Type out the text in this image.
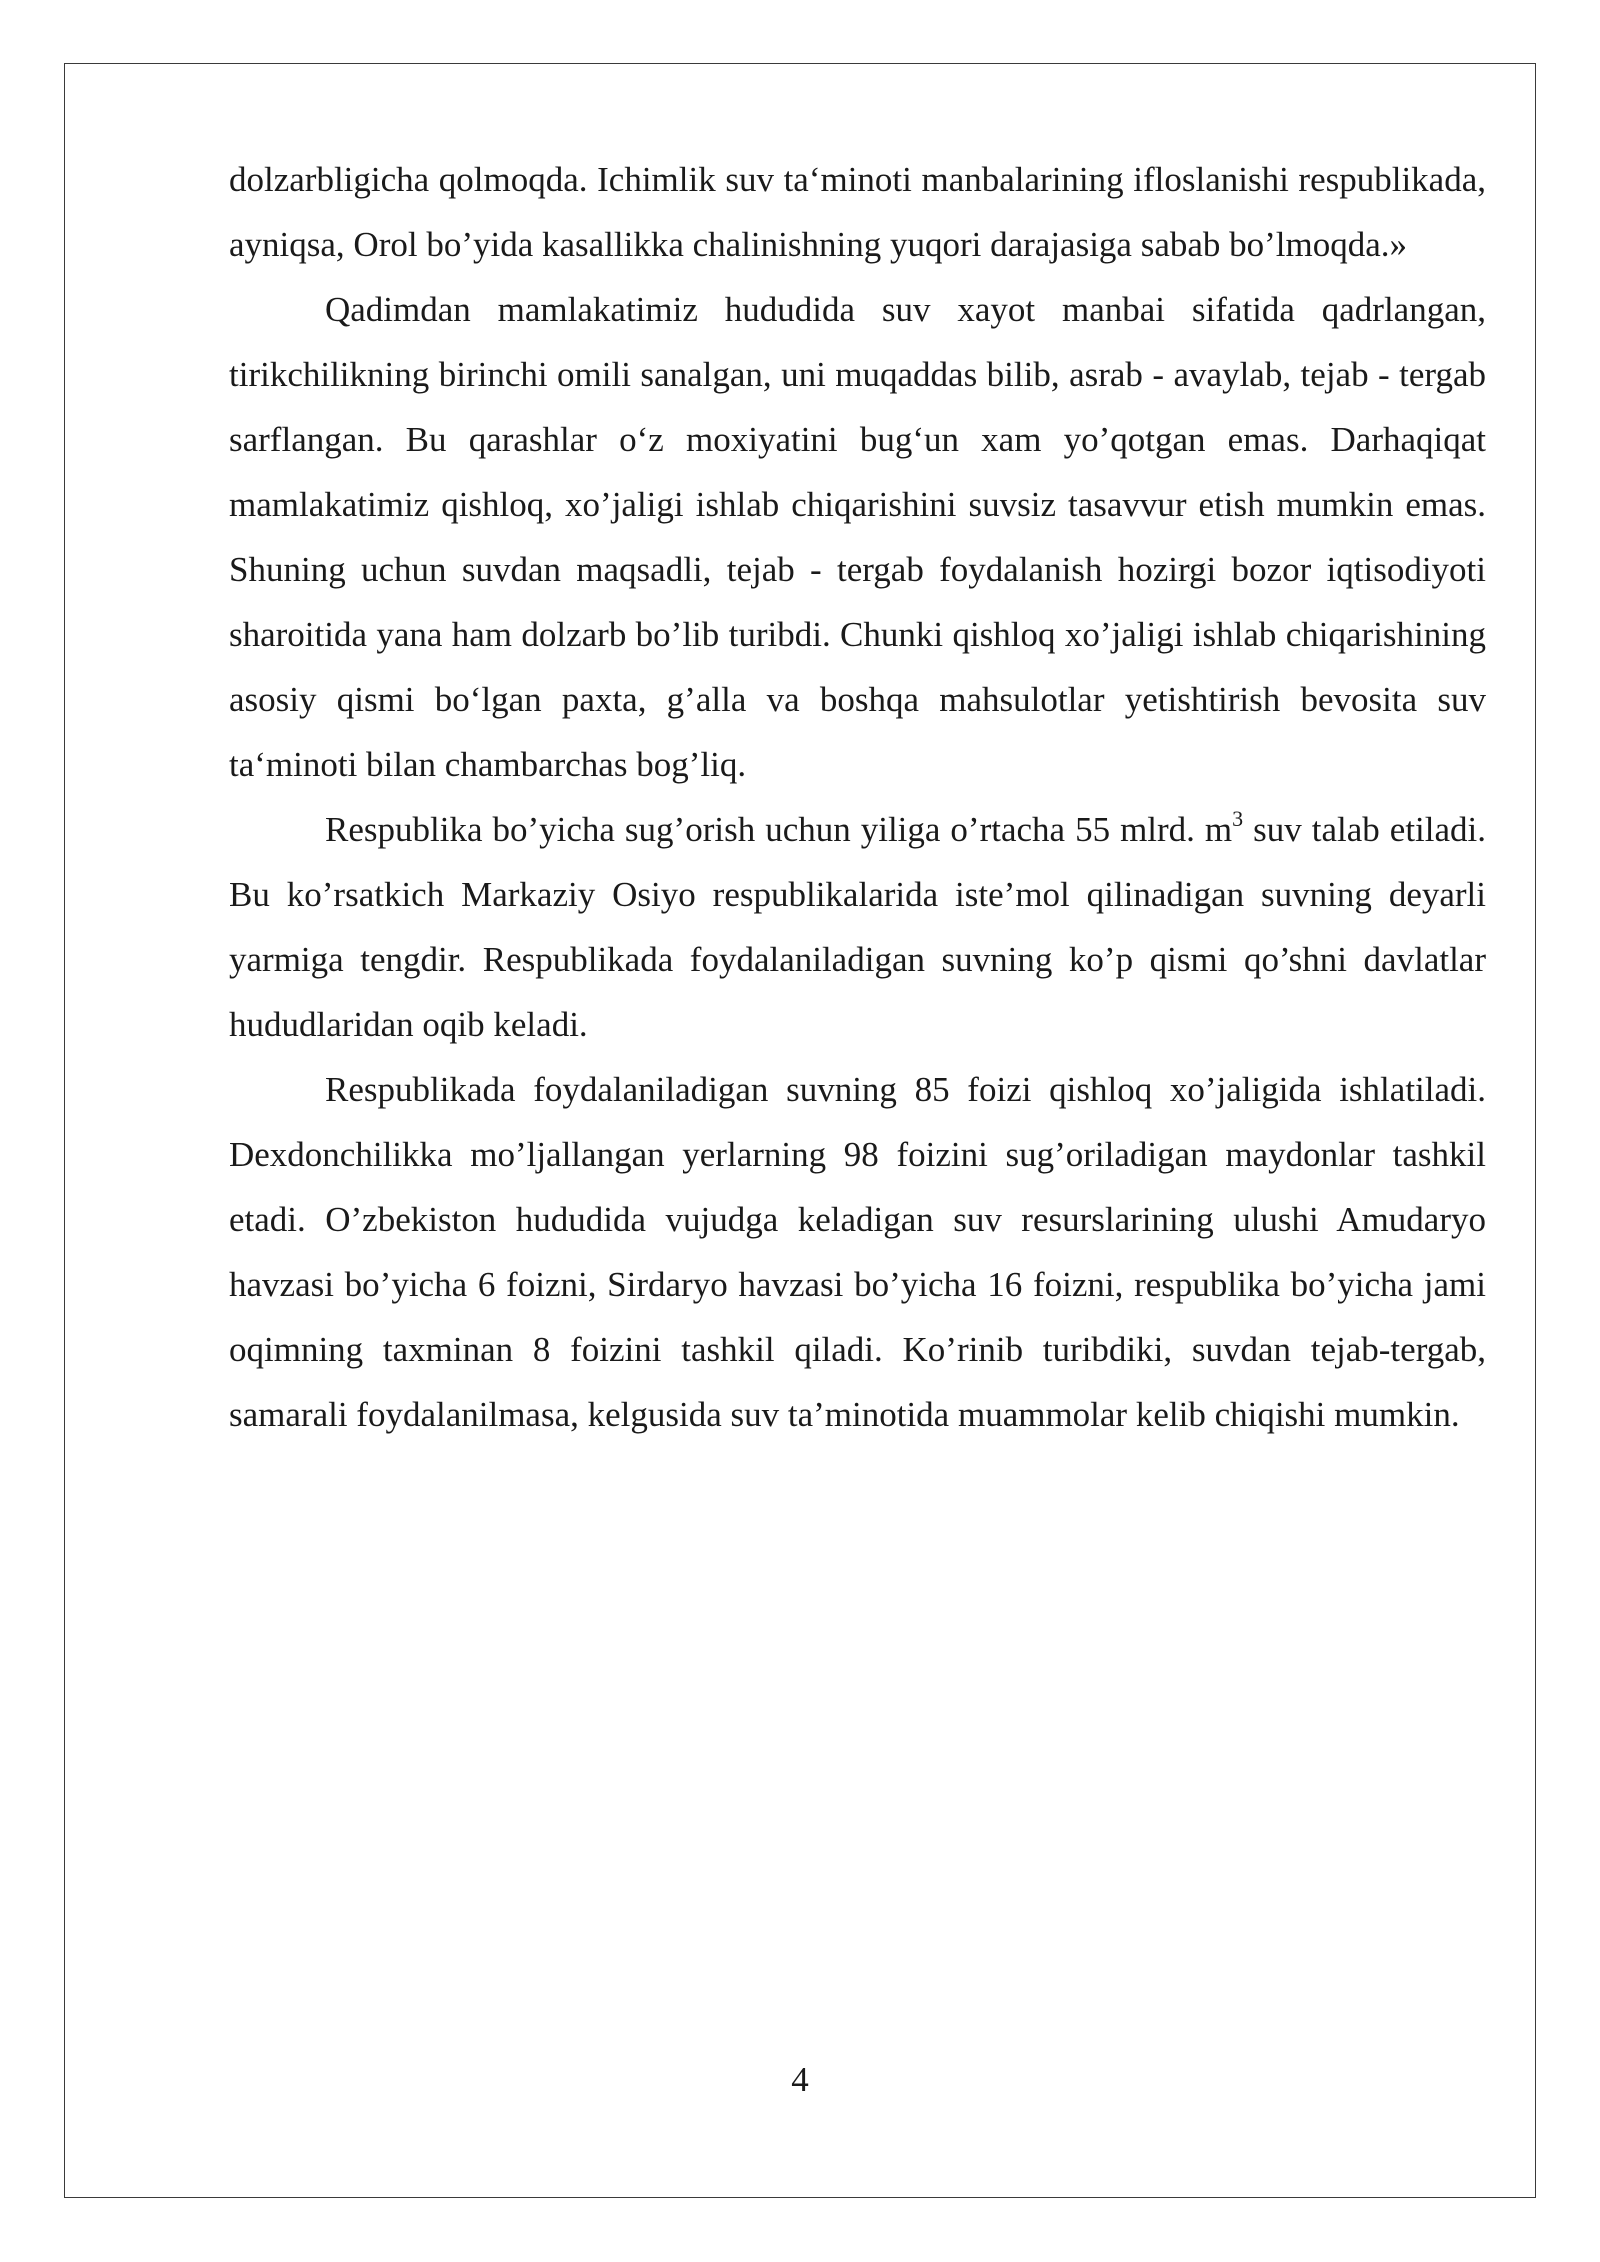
dolzarbligicha qolmoqda. Ichimlik suv ta‘minoti manbalarining ifloslanishi respublikada, ayniqsa, Orol bo’yida kasallikka chalinishning yuqori darajasiga sabab bo’lmoqda.»

Qadimdan mamlakatimiz hududida suv xayot manbai sifatida qadrlangan, tirikchilikning birinchi omili sanalgan, uni muqaddas bilib, asrab - avaylab, tejab - tergab sarflangan. Bu qarashlar o‘z moxiyatini bug‘un xam yo’qotgan emas. Darhaqiqat mamlakatimiz qishloq, xo’jaligi ishlab chiqarishini suvsiz tasavvur etish mumkin emas. Shuning uchun suvdan maqsadli, tejab - tergab foydalanish hozirgi bozor iqtisodiyoti sharoitida yana ham dolzarb bo’lib turibdi. Chunki qishloq xo’jaligi ishlab chiqarishining asosiy qismi bo‘lgan paxta, g’alla va boshqa mahsulotlar yetishtirish bevosita suv ta‘minoti bilan chambarchas bog’liq.

Respublika bo’yicha sug’orish uchun yiligа o’rtacha 55 mlrd. $m^3$ suv talab etiladi. Bu ko’rsatkich Markaziy Osiyo respublikalarida iste’mol qilinadigan suvning deyarli yarmiga tengdir. Respublikada foydalaniladigan suvning ko’p qismi qo’shni davlatlar hududlaridan oqib keladi.

Respublikada foydalaniladigan suvning 85 foizi qishloq xo’jaligida ishlatiladi. Dexdonchilikka mo’ljallangan yerlarning 98 foizini sug’oriladigan maydonlar tashkil etadi. O’zbekiston hududida vujudga keladigan suv resurslarining ulushi Amudaryo havzasi bo’yicha 6 foizni, Sirdaryo havzasi bo’yicha 16 foizni, respublika bo’yicha jami oqimning taxminan 8 foizini tashkil qiladi. Ko’rinib turibdiki, suvdan tejab-tergab, samarali foydalanilmasa, kelgusida suv ta’minotida muammolar kelib chiqishi mumkin.

4
